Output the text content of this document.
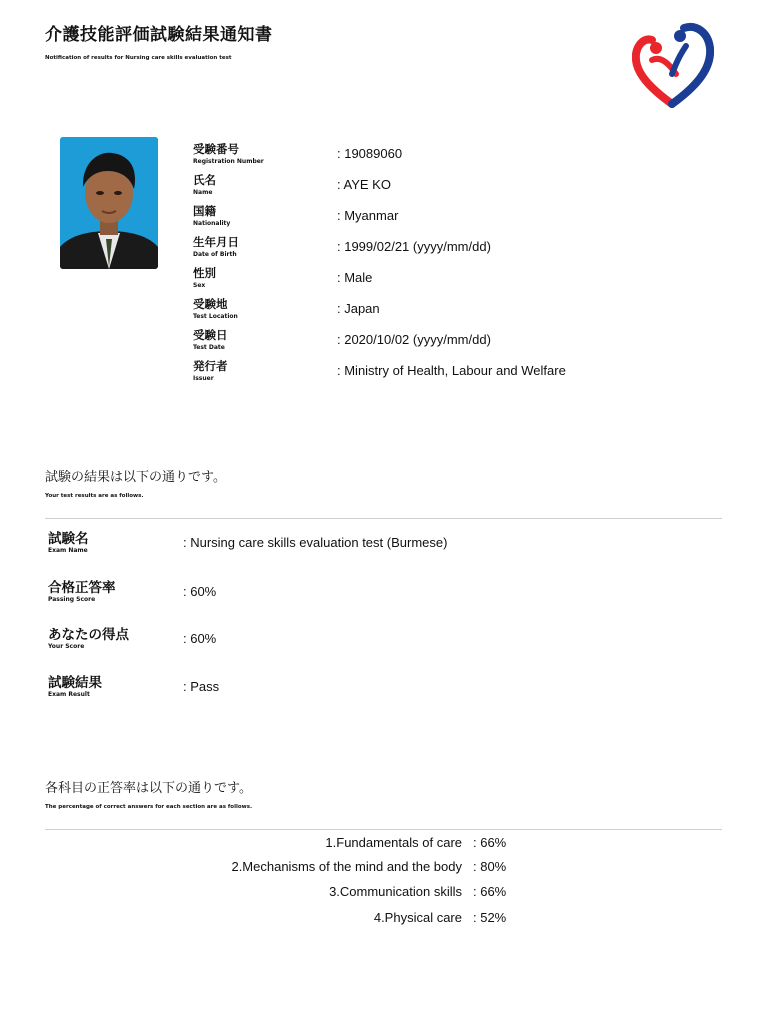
介護技能評価試験結果通知書
Notification of results for Nursing care skills evaluation test
受験番号
Registration Number
: 19089060
氏名
Name
: AYE KO
国籍
Nationality
: Myanmar
生年月日
Date of Birth
: 1999/02/21 (yyyy/mm/dd)
性別
Sex
: Male
受験地
Test Location
: Japan
受験日
Test Date
: 2020/10/02 (yyyy/mm/dd)
発行者
Issuer
: Ministry of Health, Labour and Welfare
試験の結果は以下の通りです。
Your test results are as follows.
試験名
Exam Name
: Nursing care skills evaluation test (Burmese)
合格正答率
Passing Score
: 60%
あなたの得点
Your Score
: 60%
試験結果
Exam Result
: Pass
各科目の正答率は以下の通りです。
The percentage of correct answers for each section are as follows.
1.Fundamentals of care : 66%
2.Mechanisms of the mind and the body : 80%
3.Communication skills : 66%
4.Physical care : 52%
